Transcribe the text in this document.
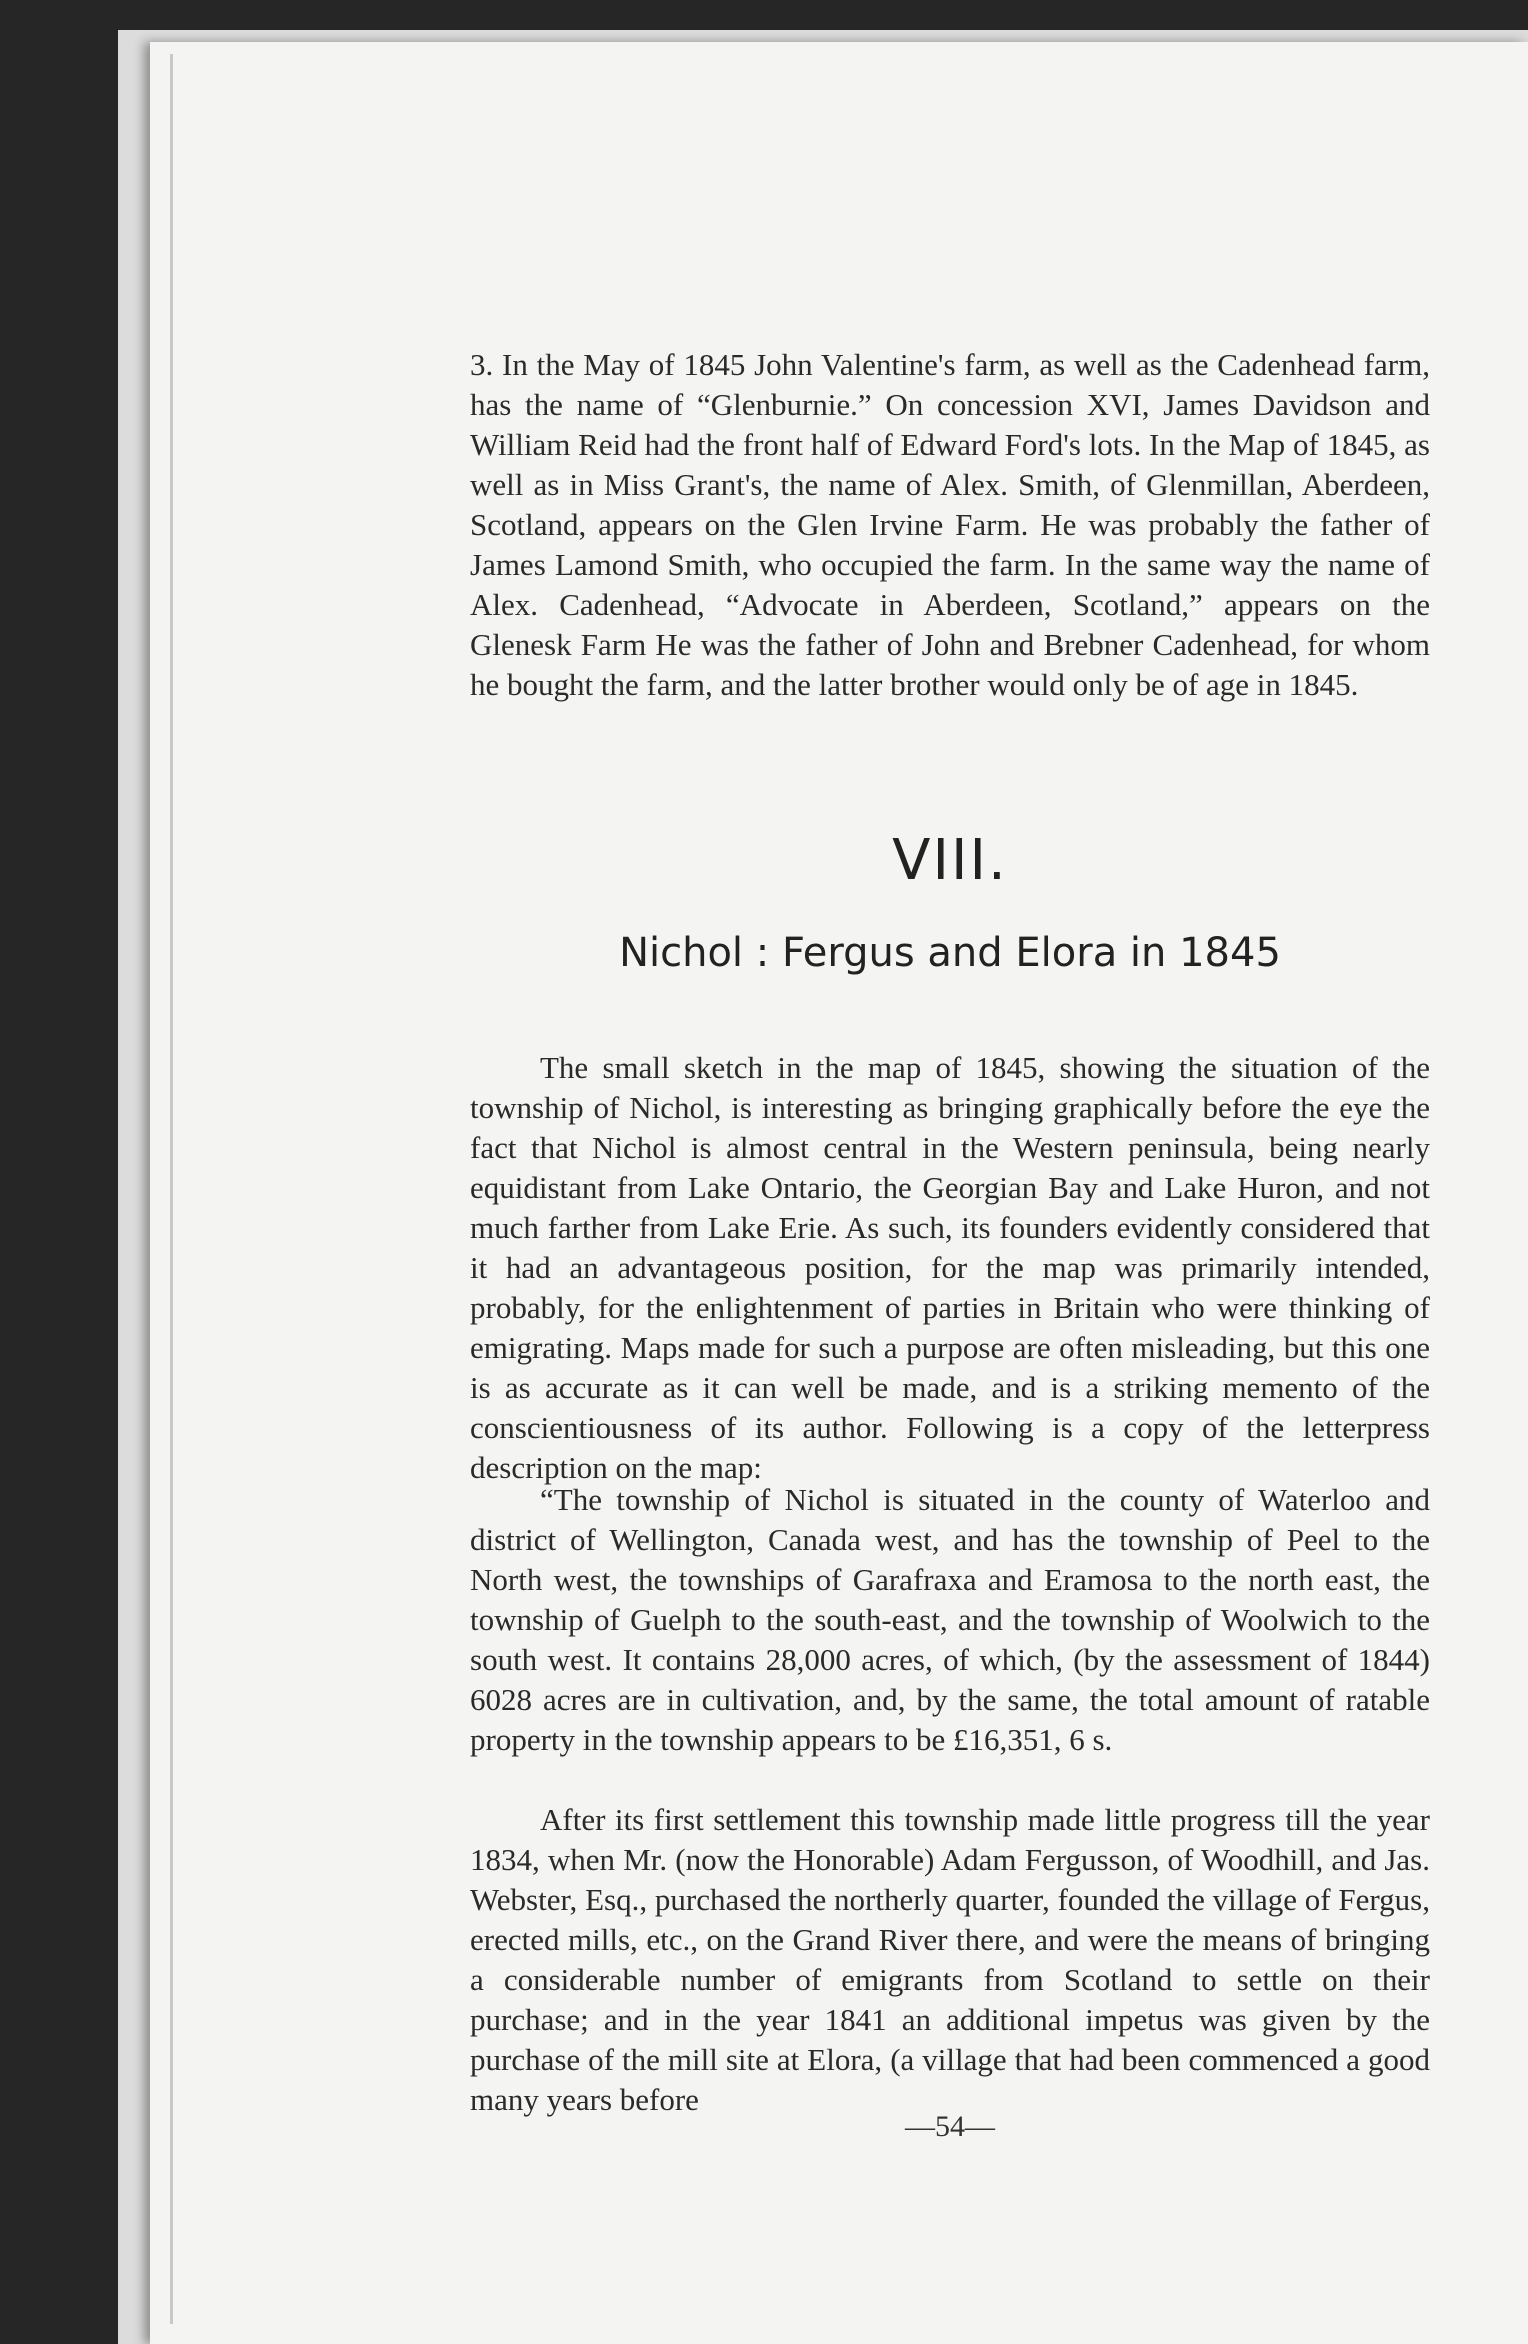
3. In the May of 1845 John Valentine's farm, as well as the Cadenhead farm, has the name of “Glenburnie.” On concession XVI, James Davidson and William Reid had the front half of Edward Ford's lots. In the Map of 1845, as well as in Miss Grant's, the name of Alex. Smith, of Glenmillan, Aberdeen, Scotland, appears on the Glen Irvine Farm. He was probably the father of James Lamond Smith, who occupied the farm. In the same way the name of Alex. Cadenhead, “Advocate in Aberdeen, Scotland,” appears on the Glenesk Farm He was the father of John and Brebner Cadenhead, for whom he bought the farm, and the latter brother would only be of age in 1845.
VIII.
Nichol : Fergus and Elora in 1845
The small sketch in the map of 1845, showing the situation of the township of Nichol, is interesting as bringing graphically before the eye the fact that Nichol is almost central in the Western peninsula, being nearly equidistant from Lake Ontario, the Georgian Bay and Lake Huron, and not much farther from Lake Erie. As such, its founders evidently considered that it had an advantageous position, for the map was primarily intended, probably, for the enlightenment of parties in Britain who were thinking of emigrating. Maps made for such a purpose are often misleading, but this one is as accurate as it can well be made, and is a striking memento of the conscientiousness of its author. Following is a copy of the letterpress description on the map:
“The township of Nichol is situated in the county of Waterloo and district of Wellington, Canada west, and has the township of Peel to the North west, the townships of Garafraxa and Eramosa to the north east, the township of Guelph to the south-east, and the township of Woolwich to the south west. It contains 28,000 acres, of which, (by the assessment of 1844) 6028 acres are in cultivation, and, by the same, the total amount of ratable property in the township appears to be £16,351, 6 s.
After its first settlement this township made little progress till the year 1834, when Mr. (now the Honorable) Adam Fergusson, of Woodhill, and Jas. Webster, Esq., purchased the northerly quarter, founded the village of Fergus, erected mills, etc., on the Grand River there, and were the means of bringing a considerable number of emigrants from Scotland to settle on their purchase; and in the year 1841 an additional impetus was given by the purchase of the mill site at Elora, (a village that had been commenced a good many years before
—54—
